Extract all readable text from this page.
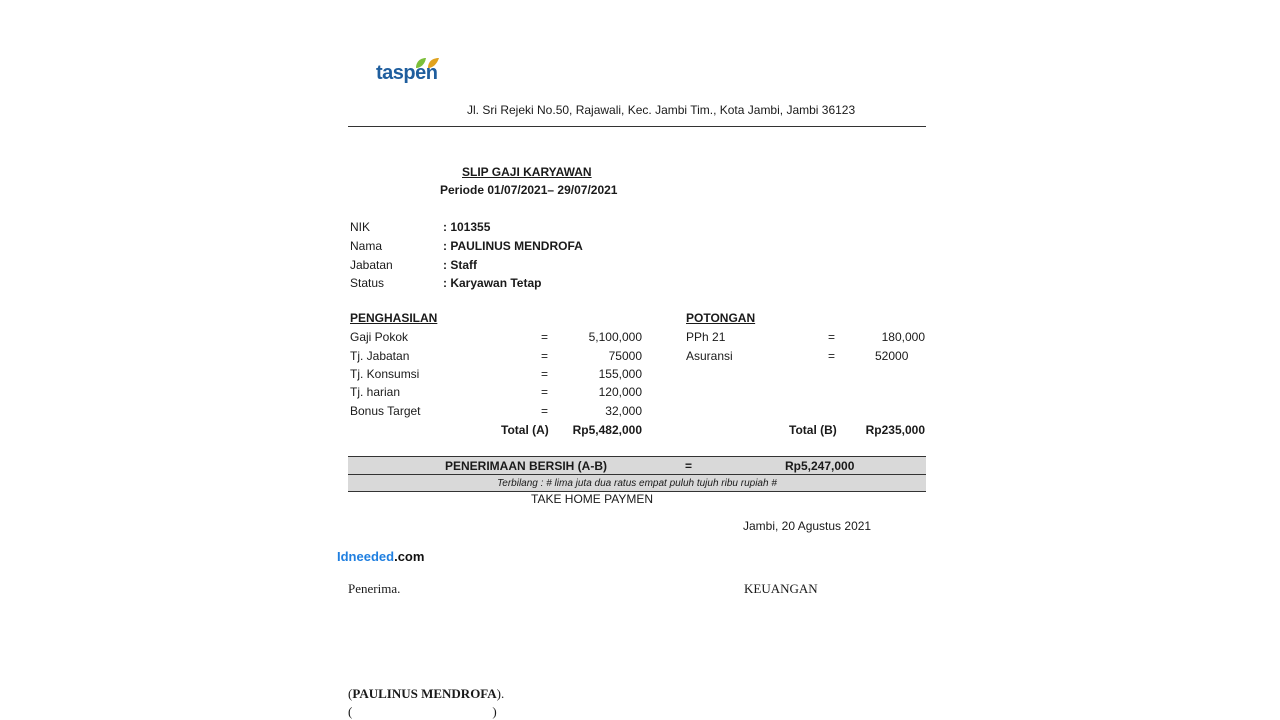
taspen
Jl. Sri Rejeki No.50, Rajawali, Kec. Jambi Tim., Kota Jambi, Jambi 36123
SLIP GAJI KARYAWAN
Periode 01/07/2021– 29/07/2021
NIK	: 101355
Nama	: PAULINUS MENDROFA
Jabatan	: Staff
Status	: Karyawan Tetap
PENGHASILAN
Gaji Pokok	=	5,100,000
Tj. Jabatan	=	75000
Tj. Konsumsi	=	155,000
Tj. harian	=	120,000
Bonus Target	=	32,000
Total (A) Rp5,482,000
POTONGAN
PPh 21	=	180,000
Asuransi	=	52000
Total (B) Rp235,000
PENERIMAAN BERSIH (A-B)	=	Rp5,247,000
Terbilang : # lima juta dua ratus empat puluh tujuh ribu rupiah #
TAKE HOME PAYMEN
Jambi, 20 Agustus 2021
Idneeded.com
Penerima.	KEUANGAN
(PAULINUS MENDROFA).
(	)
